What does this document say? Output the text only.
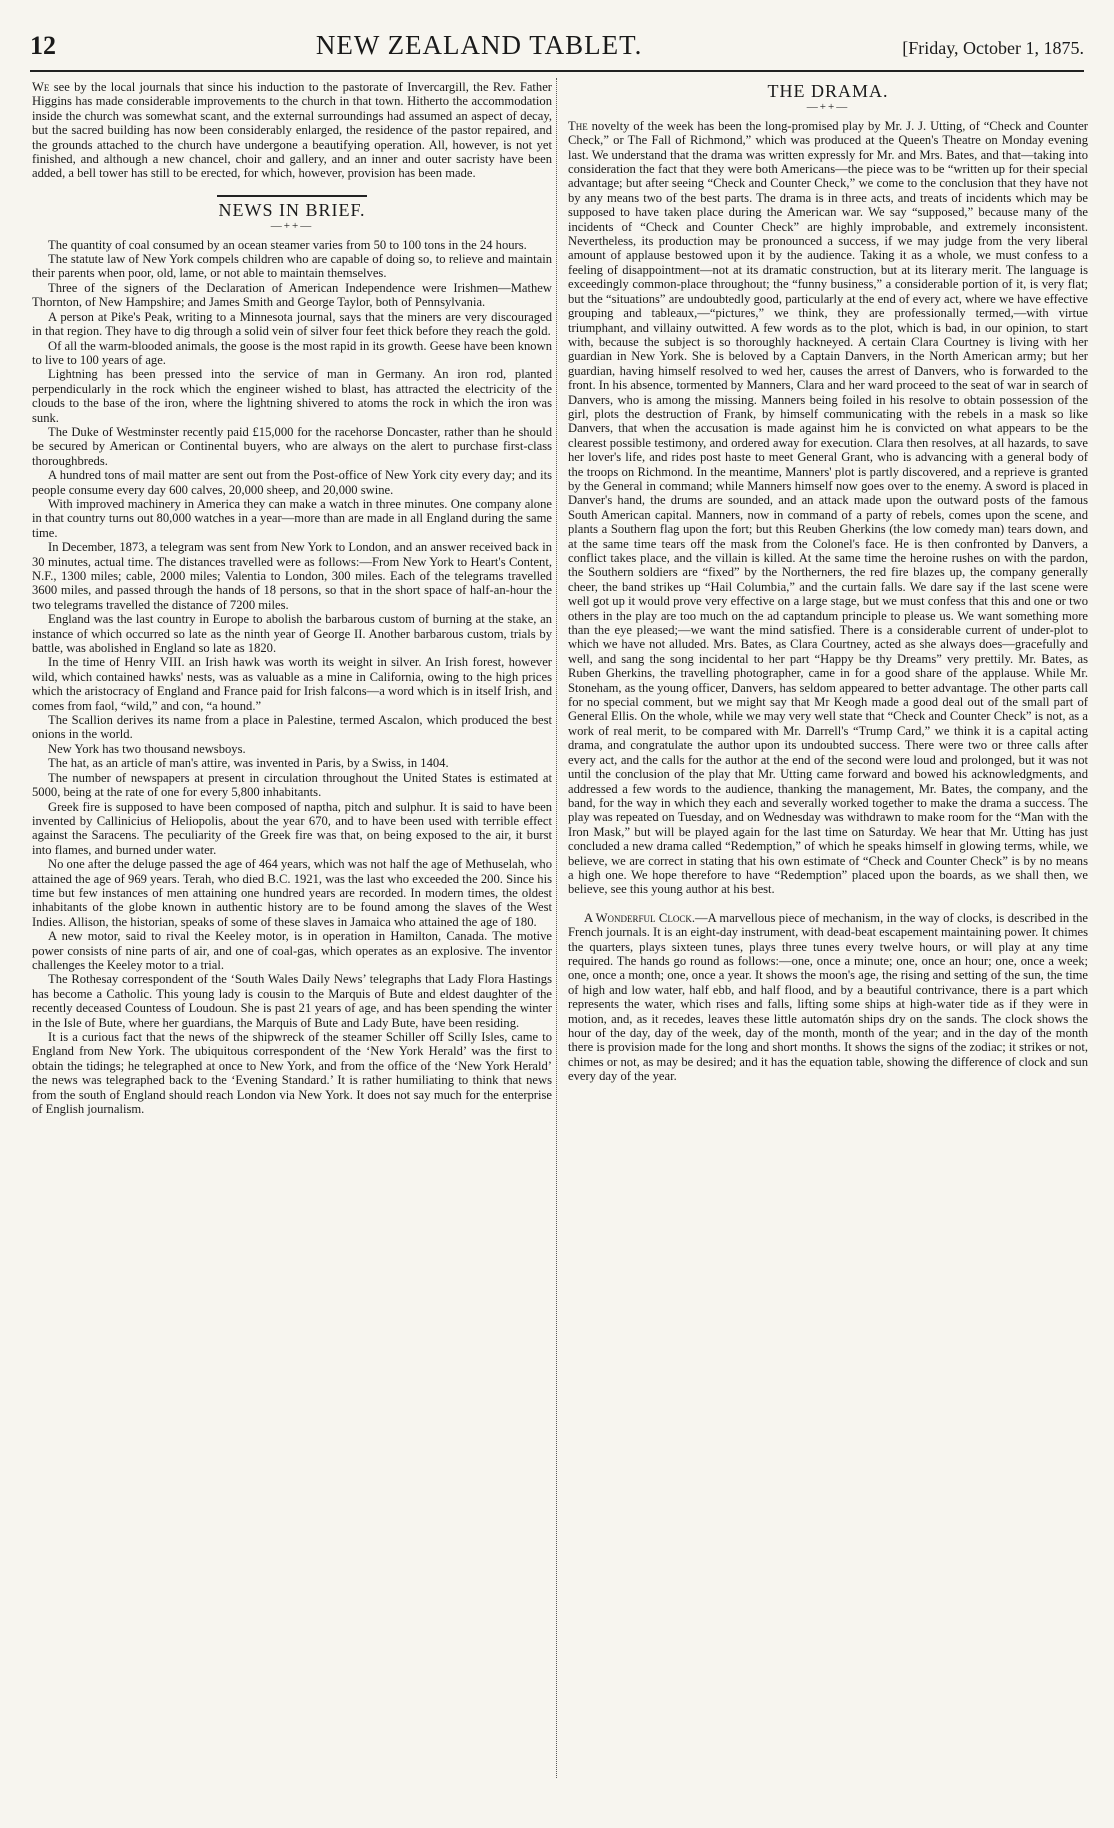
12	NEW ZEALAND TABLET.	[Friday, October 1, 1875.

We see by the local journals that since his induction to the pastorate of Invercargill, the Rev. Father Higgins has made considerable improvements to the church in that town. Hitherto the accommodation inside the church was somewhat scant, and the external surroundings had assumed an aspect of decay, but the sacred building has now been considerably enlarged, the residence of the pastor repaired, and the grounds attached to the church have undergone a beautifying operation. All, however, is not yet finished, and although a new chancel, choir and gallery, and an inner and outer sacristy have been added, a bell tower has still to be erected, for which, however, provision has been made.

NEWS IN BRIEF.
—++—

The quantity of coal consumed by an ocean steamer varies from 50 to 100 tons in the 24 hours.

The statute law of New York compels children who are capable of doing so, to relieve and maintain their parents when poor, old, lame, or not able to maintain themselves.

Three of the signers of the Declaration of American Independence were Irishmen—Mathew Thornton, of New Hampshire; and James Smith and George Taylor, both of Pennsylvania.

A person at Pike's Peak, writing to a Minnesota journal, says that the miners are very discouraged in that region. They have to dig through a solid vein of silver four feet thick before they reach the gold.

Of all the warm-blooded animals, the goose is the most rapid in its growth. Geese have been known to live to 100 years of age.

Lightning has been pressed into the service of man in Germany. An iron rod, planted perpendicularly in the rock which the engineer wished to blast, has attracted the electricity of the clouds to the base of the iron, where the lightning shivered to atoms the rock in which the iron was sunk.

The Duke of Westminster recently paid £15,000 for the racehorse Doncaster, rather than he should be secured by American or Continental buyers, who are always on the alert to purchase first-class thoroughbreds.

A hundred tons of mail matter are sent out from the Post-office of New York city every day; and its people consume every day 600 calves, 20,000 sheep, and 20,000 swine.

With improved machinery in America they can make a watch in three minutes. One company alone in that country turns out 80,000 watches in a year—more than are made in all England during the same time.

In December, 1873, a telegram was sent from New York to London, and an answer received back in 30 minutes, actual time. The distances travelled were as follows:—From New York to Heart's Content, N.F., 1300 miles; cable, 2000 miles; Valentia to London, 300 miles. Each of the telegrams travelled 3600 miles, and passed through the hands of 18 persons, so that in the short space of half-an-hour the two telegrams travelled the distance of 7200 miles.

England was the last country in Europe to abolish the barbarous custom of burning at the stake, an instance of which occurred so late as the ninth year of George II. Another barbarous custom, trials by battle, was abolished in England so late as 1820.

In the time of Henry VIII. an Irish hawk was worth its weight in silver. An Irish forest, however wild, which contained hawks' nests, was as valuable as a mine in California, owing to the high prices which the aristocracy of England and France paid for Irish falcons—a word which is in itself Irish, and comes from faol, “wild,” and con, “a hound.”

The Scallion derives its name from a place in Palestine, termed Ascalon, which produced the best onions in the world.

New York has two thousand newsboys.

The hat, as an article of man's attire, was invented in Paris, by a Swiss, in 1404.

The number of newspapers at present in circulation throughout the United States is estimated at 5000, being at the rate of one for every 5,800 inhabitants.

Greek fire is supposed to have been composed of naptha, pitch and sulphur. It is said to have been invented by Callinicius of Heliopolis, about the year 670, and to have been used with terrible effect against the Saracens. The peculiarity of the Greek fire was that, on being exposed to the air, it burst into flames, and burned under water.

No one after the deluge passed the age of 464 years, which was not half the age of Methuselah, who attained the age of 969 years. Terah, who died B.C. 1921, was the last who exceeded the 200. Since his time but few instances of men attaining one hundred years are recorded. In modern times, the oldest inhabitants of the globe known in authentic history are to be found among the slaves of the West Indies. Allison, the historian, speaks of some of these slaves in Jamaica who attained the age of 180.

A new motor, said to rival the Keeley motor, is in operation in Hamilton, Canada. The motive power consists of nine parts of air, and one of coal-gas, which operates as an explosive. The inventor challenges the Keeley motor to a trial.

The Rothesay correspondent of the ‘South Wales Daily News’ telegraphs that Lady Flora Hastings has become a Catholic. This young lady is cousin to the Marquis of Bute and eldest daughter of the recently deceased Countess of Loudoun. She is past 21 years of age, and has been spending the winter in the Isle of Bute, where her guardians, the Marquis of Bute and Lady Bute, have been residing.

It is a curious fact that the news of the shipwreck of the steamer Schiller off Scilly Isles, came to England from New York. The ubiquitous correspondent of the ‘New York Herald’ was the first to obtain the tidings; he telegraphed at once to New York, and from the office of the ‘New York Herald’ the news was telegraphed back to the ‘Evening Standard.’ It is rather humiliating to think that news from the south of England should reach London via New York. It does not say much for the enterprise of English journalism.

THE DRAMA.
—++—

The novelty of the week has been the long-promised play by Mr. J. J. Utting, of “Check and Counter Check,” or The Fall of Richmond,” which was produced at the Queen's Theatre on Monday evening last. We understand that the drama was written expressly for Mr. and Mrs. Bates, and that—taking into consideration the fact that they were both Americans—the piece was to be “written up for their special advantage; but after seeing “Check and Counter Check,” we come to the conclusion that they have not by any means two of the best parts. The drama is in three acts, and treats of incidents which may be supposed to have taken place during the American war. We say “supposed,” because many of the incidents of “Check and Counter Check” are highly improbable, and extremely inconsistent. Nevertheless, its production may be pronounced a success, if we may judge from the very liberal amount of applause bestowed upon it by the audience. Taking it as a whole, we must confess to a feeling of disappointment—not at its dramatic construction, but at its literary merit. The language is exceedingly common-place throughout; the “funny business,” a considerable portion of it, is very flat; but the “situations” are undoubtedly good, particularly at the end of every act, where we have effective grouping and tableaux,—“pictures,” we think, they are professionally termed,—with virtue triumphant, and villainy outwitted. A few words as to the plot, which is bad, in our opinion, to start with, because the subject is so thoroughly hackneyed. A certain Clara Courtney is living with her guardian in New York. She is beloved by a Captain Danvers, in the North American army; but her guardian, having himself resolved to wed her, causes the arrest of Danvers, who is forwarded to the front. In his absence, tormented by Manners, Clara and her ward proceed to the seat of war in search of Danvers, who is among the missing. Manners being foiled in his resolve to obtain possession of the girl, plots the destruction of Frank, by himself communicating with the rebels in a mask so like Danvers, that when the accusation is made against him he is convicted on what appears to be the clearest possible testimony, and ordered away for execution. Clara then resolves, at all hazards, to save her lover's life, and rides post haste to meet General Grant, who is advancing with a general body of the troops on Richmond. In the meantime, Manners' plot is partly discovered, and a reprieve is granted by the General in command; while Manners himself now goes over to the enemy. A sword is placed in Danver's hand, the drums are sounded, and an attack made upon the outward posts of the famous South American capital. Manners, now in command of a party of rebels, comes upon the scene, and plants a Southern flag upon the fort; but this Reuben Gherkins (the low comedy man) tears down, and at the same time tears off the mask from the Colonel's face. He is then confronted by Danvers, a conflict takes place, and the villain is killed. At the same time the heroine rushes on with the pardon, the Southern soldiers are “fixed” by the Northerners, the red fire blazes up, the company generally cheer, the band strikes up “Hail Columbia,” and the curtain falls. We dare say if the last scene were well got up it would prove very effective on a large stage, but we must confess that this and one or two others in the play are too much on the ad captandum principle to please us. We want something more than the eye pleased;—we want the mind satisfied. There is a considerable current of under-plot to which we have not alluded. Mrs. Bates, as Clara Courtney, acted as she always does—gracefully and well, and sang the song incidental to her part “Happy be thy Dreams” very prettily. Mr. Bates, as Ruben Gherkins, the travelling photographer, came in for a good share of the applause. While Mr. Stoneham, as the young officer, Danvers, has seldom appeared to better advantage. The other parts call for no special comment, but we might say that Mr Keogh made a good deal out of the small part of General Ellis. On the whole, while we may very well state that “Check and Counter Check” is not, as a work of real merit, to be compared with Mr. Darrell's “Trump Card,” we think it is a capital acting drama, and congratulate the author upon its undoubted success. There were two or three calls after every act, and the calls for the author at the end of the second were loud and prolonged, but it was not until the conclusion of the play that Mr. Utting came forward and bowed his acknowledgments, and addressed a few words to the audience, thanking the management, Mr. Bates, the company, and the band, for the way in which they each and severally worked together to make the drama a success. The play was repeated on Tuesday, and on Wednesday was withdrawn to make room for the “Man with the Iron Mask,” but will be played again for the last time on Saturday. We hear that Mr. Utting has just concluded a new drama called “Redemption,” of which he speaks himself in glowing terms, while, we believe, we are correct in stating that his own estimate of “Check and Counter Check” is by no means a high one. We hope therefore to have “Redemption” placed upon the boards, as we shall then, we believe, see this young author at his best.

A Wonderful Clock.—A marvellous piece of mechanism, in the way of clocks, is described in the French journals. It is an eight-day instrument, with dead-beat escapement maintaining power. It chimes the quarters, plays sixteen tunes, plays three tunes every twelve hours, or will play at any time required. The hands go round as follows:—one, once a minute; one, once an hour; one, once a week; one, once a month; one, once a year. It shows the moon's age, the rising and setting of the sun, the time of high and low water, half ebb, and half flood, and by a beautiful contrivance, there is a part which represents the water, which rises and falls, lifting some ships at high-water tide as if they were in motion, and, as it recedes, leaves these little automatón ships dry on the sands. The clock shows the hour of the day, day of the week, day of the month, month of the year; and in the day of the month there is provision made for the long and short months. It shows the signs of the zodiac; it strikes or not, chimes or not, as may be desired; and it has the equation table, showing the difference of clock and sun every day of the year.
